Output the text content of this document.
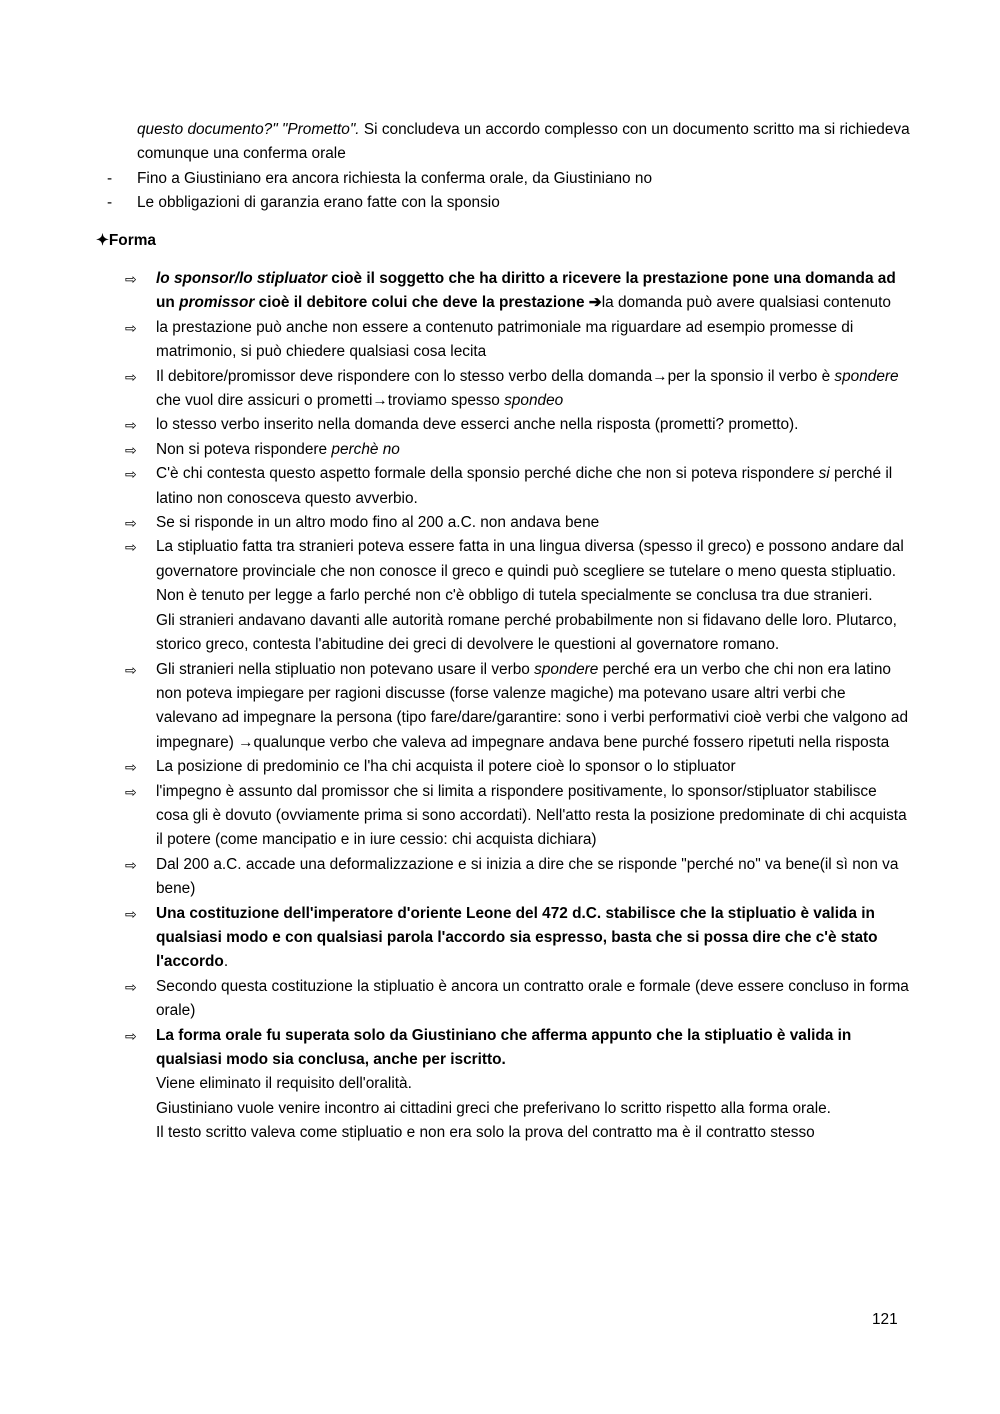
questo documento?" "Prometto". Si concludeva un accordo complesso con un documento scritto ma si richiedeva comunque una conferma orale
-	Fino a Giustiniano era ancora richiesta la conferma orale, da Giustiniano no
-	Le obbligazioni di garanzia erano fatte con la sponsio
✦Forma
⇨	lo sponsor/lo stipluator cioè il soggetto che ha diritto a ricevere la prestazione pone una domanda ad un promissor cioè il debitore colui che deve la prestazione ➔la domanda può avere qualsiasi contenuto
⇨	la prestazione può anche non essere a contenuto patrimoniale ma riguardare ad esempio promesse di matrimonio, si può chiedere qualsiasi cosa lecita
⇨	Il debitore/promissor deve rispondere con lo stesso verbo della domanda→per la sponsio il verbo è spondere che vuol dire assicuri o prometti→troviamo spesso spondeo
⇨	lo stesso verbo inserito nella domanda deve esserci anche nella risposta (prometti? prometto).
⇨	Non si poteva rispondere perchè no
⇨	C'è chi contesta questo aspetto formale della sponsio perché diche che non si poteva rispondere si perché il latino non conosceva questo avverbio.
⇨	Se si risponde in un altro modo fino al 200 a.C. non andava bene
⇨	La stipluatio fatta tra stranieri poteva essere fatta in una lingua diversa (spesso il greco) e possono andare dal governatore provinciale che non conosce il greco e quindi può scegliere se tutelare o meno questa stipluatio. Non è tenuto per legge a farlo perché non c'è obbligo di tutela specialmente se conclusa tra due stranieri.
Gli stranieri andavano davanti alle autorità romane perché probabilmente non si fidavano delle loro. Plutarco, storico greco, contesta l'abitudine dei greci di devolvere le questioni al governatore romano.
⇨	Gli stranieri nella stipluatio non potevano usare il verbo spondere perché era un verbo che chi non era latino non poteva impiegare per ragioni discusse (forse valenze magiche) ma potevano usare altri verbi che valevano ad impegnare la persona (tipo fare/dare/garantire: sono i verbi performativi cioè verbi che valgono ad impegnare) →qualunque verbo che valeva ad impegnare andava bene purché fossero ripetuti nella risposta
⇨	La posizione di predominio ce l'ha chi acquista il potere cioè lo sponsor o lo stipluator
⇨	l'impegno è assunto dal promissor che si limita a rispondere positivamente, lo sponsor/stipluator stabilisce cosa gli è dovuto (ovviamente prima si sono accordati). Nell'atto resta la posizione predominate di chi acquista il potere (come mancipatio e in iure cessio: chi acquista dichiara)
⇨	Dal 200 a.C. accade una deformalizzazione e si inizia a dire che se risponde "perché no" va bene(il sì non va bene)
⇨	Una costituzione dell'imperatore d'oriente Leone del 472 d.C. stabilisce che la stipluatio è valida in qualsiasi modo e con qualsiasi parola l'accordo sia espresso, basta che si possa dire che c'è stato l'accordo.
⇨	Secondo questa costituzione la stipluatio è ancora un contratto orale e formale (deve essere concluso in forma orale)
⇨	La forma orale fu superata solo da Giustiniano che afferma appunto che la stipluatio è valida in qualsiasi modo sia conclusa, anche per iscritto.
Viene eliminato il requisito dell'oralità.
Giustiniano vuole venire incontro ai cittadini greci che preferivano lo scritto rispetto alla forma orale.
Il testo scritto valeva come stipluatio e non era solo la prova del contratto ma è il contratto stesso
121
